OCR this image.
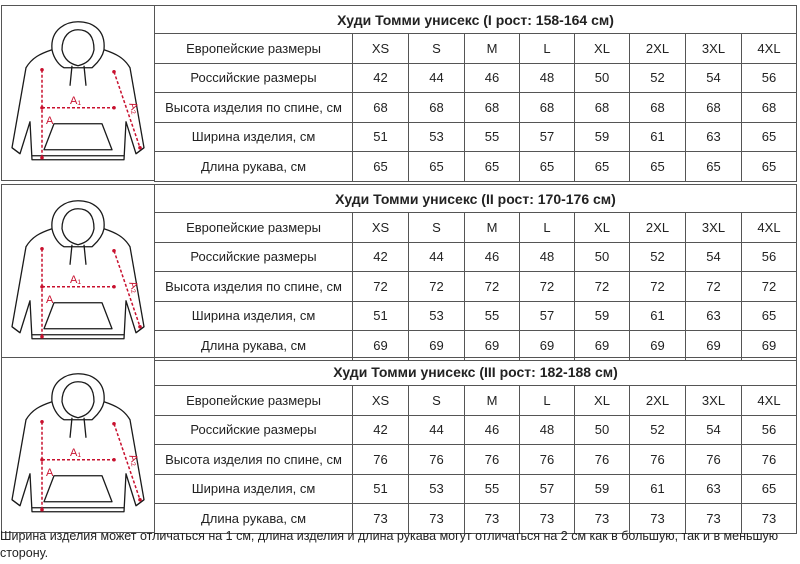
A
A₁	A₂
Худи Томми унисекс (I рост: 158-164 см)								
Европейские размеры	XS	S	M	L	XL	2XL	3XL	4XL
Российские размеры	42	44	46	48	50	52	54	56
Высота изделия по спине, см	68	68	68	68	68	68	68	68
Ширина изделия, см	51	53	55	57	59	61	63	65
Длина рукава, см	65	65	65	65	65	65	65	65
A
A₁	A₂
Худи Томми унисекс (II рост: 170-176 см)								
Европейские размеры	XS	S	M	L	XL	2XL	3XL	4XL
Российские размеры	42	44	46	48	50	52	54	56
Высота изделия по спине, см	72	72	72	72	72	72	72	72
Ширина изделия, см	51	53	55	57	59	61	63	65
Длина рукава, см	69	69	69	69	69	69	69	69
A
A₁	A₂
Худи Томми унисекс (III рост: 182-188 см)								
Европейские размеры	XS	S	M	L	XL	2XL	3XL	4XL
Российские размеры	42	44	46	48	50	52	54	56
Высота изделия по спине, см	76	76	76	76	76	76	76	76
Ширина изделия, см	51	53	55	57	59	61	63	65
Длина рукава, см	73	73	73	73	73	73	73	73
Ширина изделия может отличаться на 1 см, длина изделия и длина рукава могут отличаться на 2 см как в большую, так и в меньшую сторону.
